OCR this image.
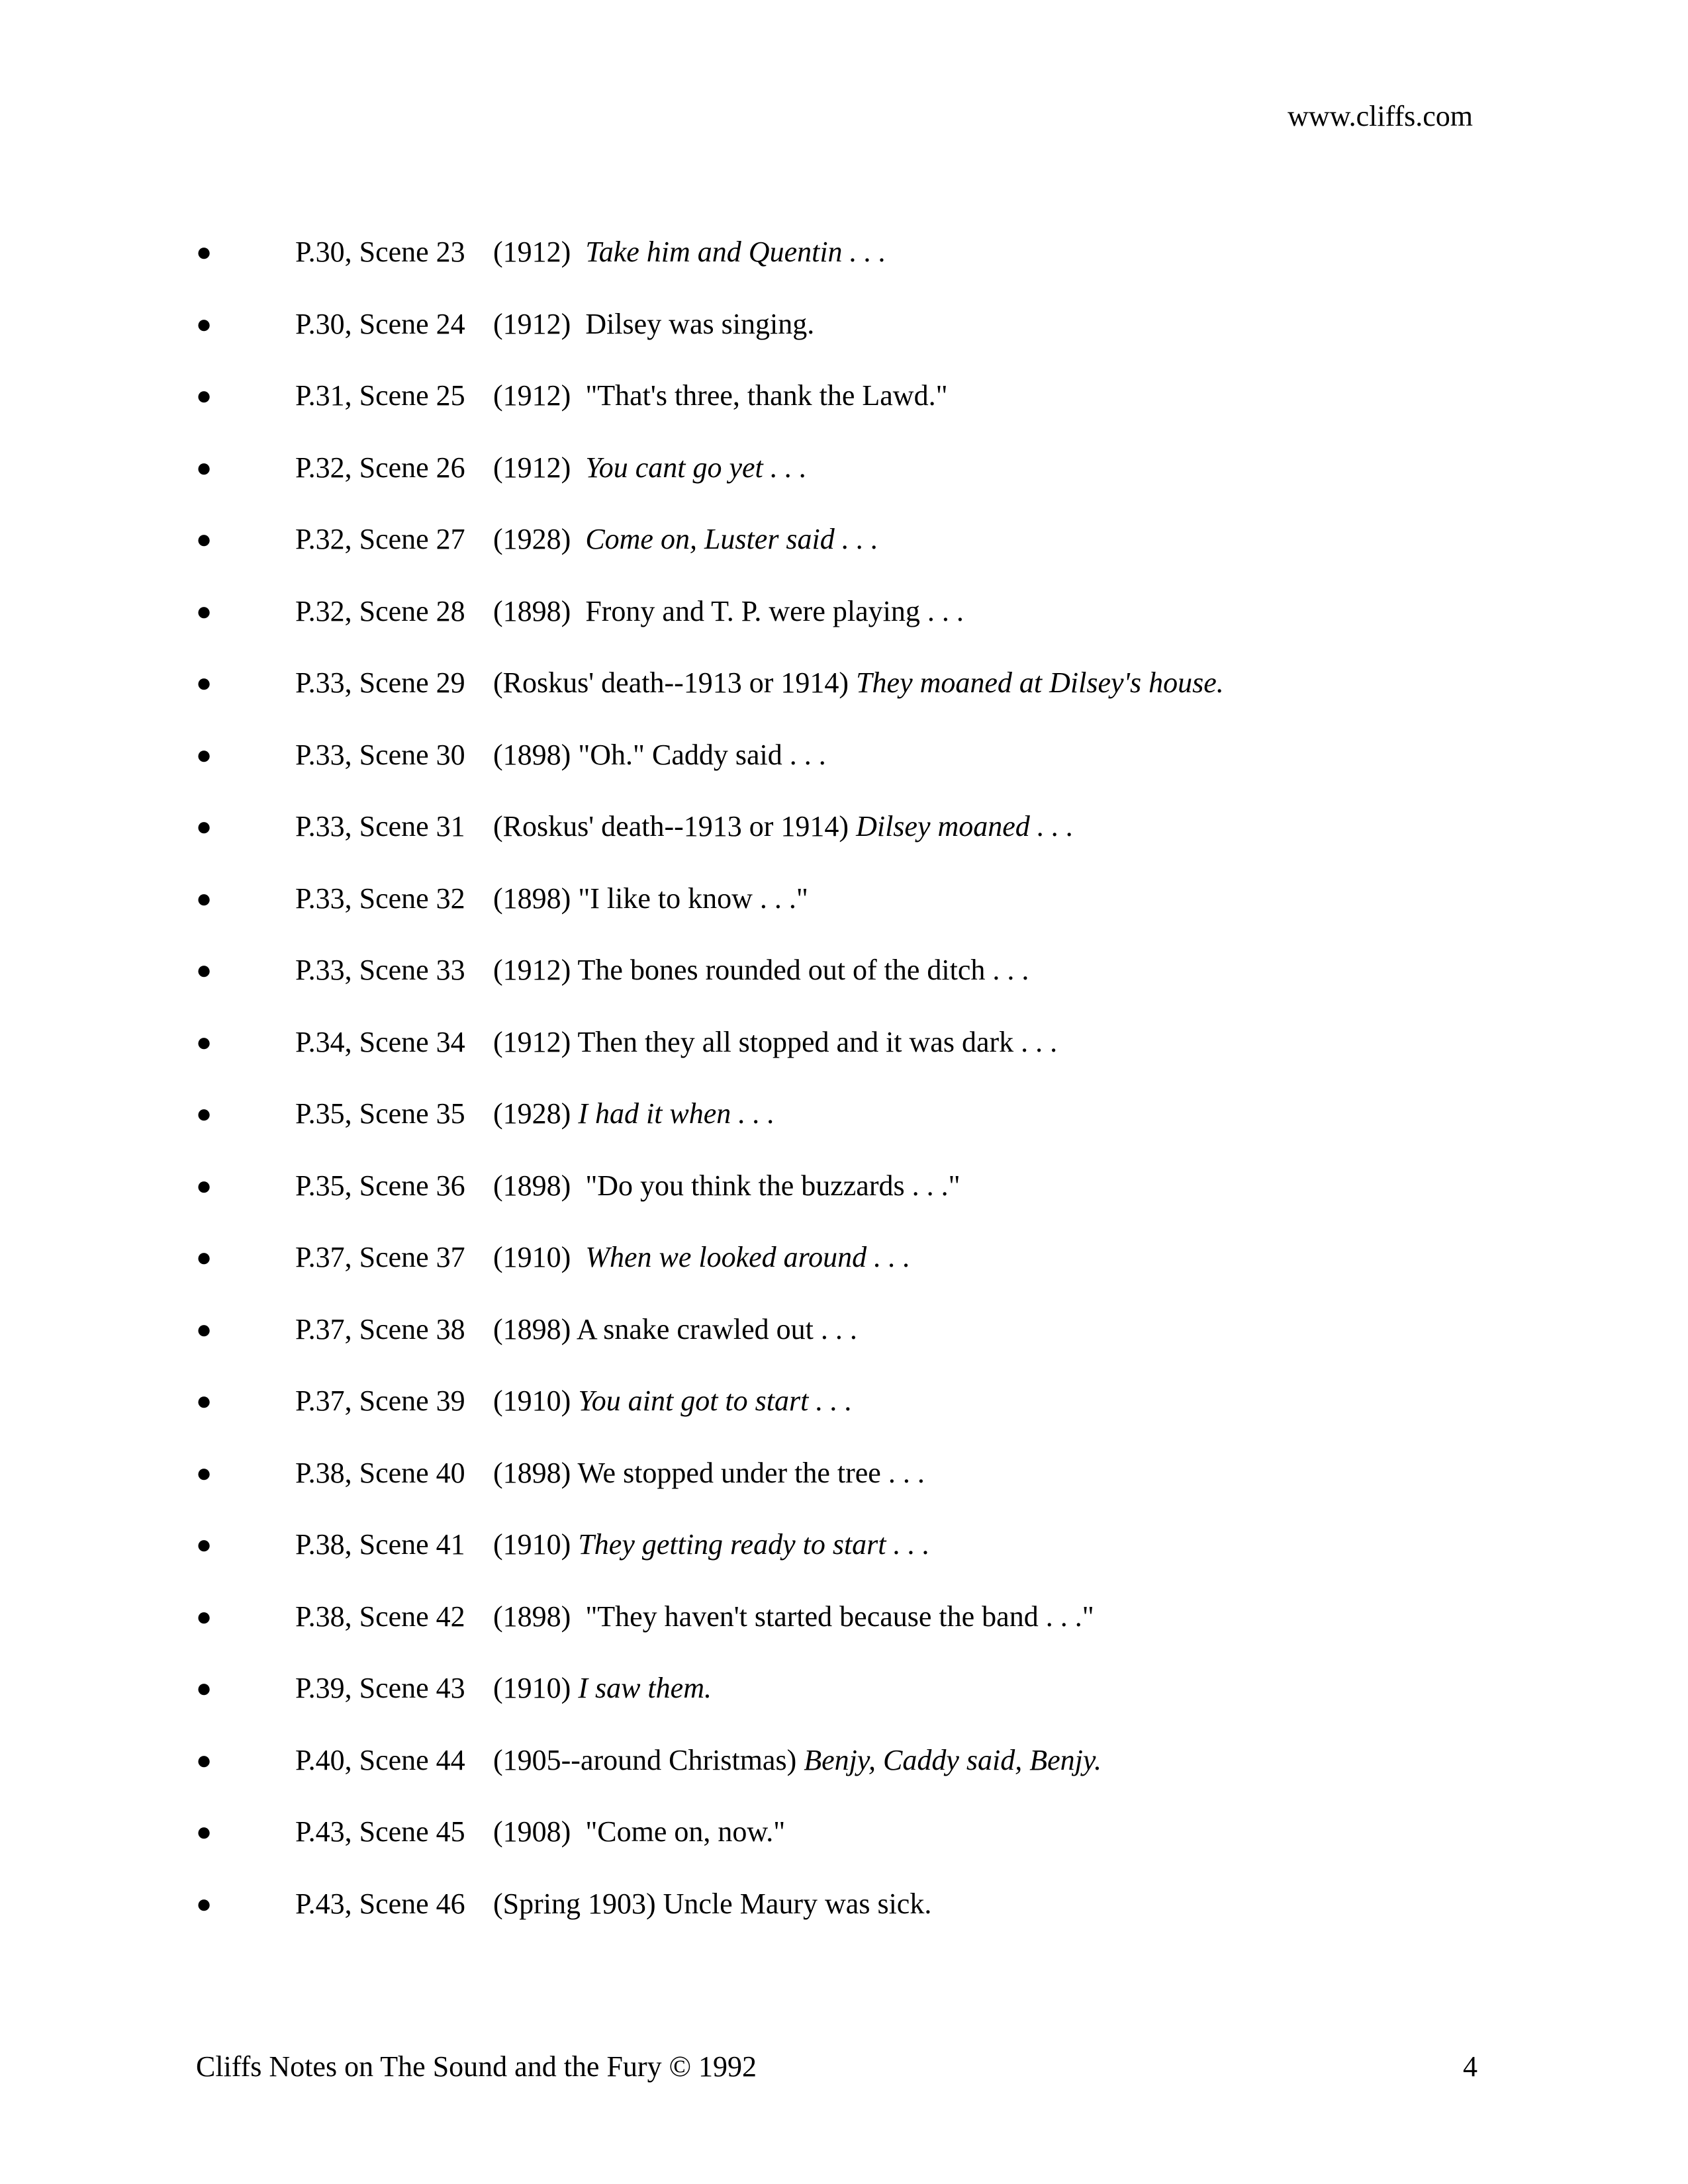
www.cliffs.com
●	P.30, Scene 23 (1912) Take him and Quentin . . .
●	P.30, Scene 24 (1912) Dilsey was singing.
●	P.31, Scene 25 (1912) "That's three, thank the Lawd."
●	P.32, Scene 26 (1912) You cant go yet . . .
●	P.32, Scene 27 (1928) Come on, Luster said . . .
●	P.32, Scene 28 (1898) Frony and T. P. were playing . . .
●	P.33, Scene 29 (Roskus' death--1913 or 1914) They moaned at Dilsey's house.
●	P.33, Scene 30 (1898) "Oh." Caddy said . . .
●	P.33, Scene 31 (Roskus' death--1913 or 1914) Dilsey moaned . . .
●	P.33, Scene 32 (1898) "I like to know . . ."
●	P.33, Scene 33 (1912) The bones rounded out of the ditch . . .
●	P.34, Scene 34 (1912) Then they all stopped and it was dark . . .
●	P.35, Scene 35 (1928) I had it when . . .
●	P.35, Scene 36 (1898) "Do you think the buzzards . . ."
●	P.37, Scene 37 (1910) When we looked around . . .
●	P.37, Scene 38 (1898) A snake crawled out . . .
●	P.37, Scene 39 (1910) You aint got to start . . .
●	P.38, Scene 40 (1898) We stopped under the tree . . .
●	P.38, Scene 41 (1910) They getting ready to start . . .
●	P.38, Scene 42 (1898) "They haven't started because the band . . ."
●	P.39, Scene 43 (1910) I saw them.
●	P.40, Scene 44 (1905--around Christmas) Benjy, Caddy said, Benjy.
●	P.43, Scene 45 (1908) "Come on, now."
●	P.43, Scene 46 (Spring 1903) Uncle Maury was sick.
Cliffs Notes on The Sound and the Fury © 1992	4
